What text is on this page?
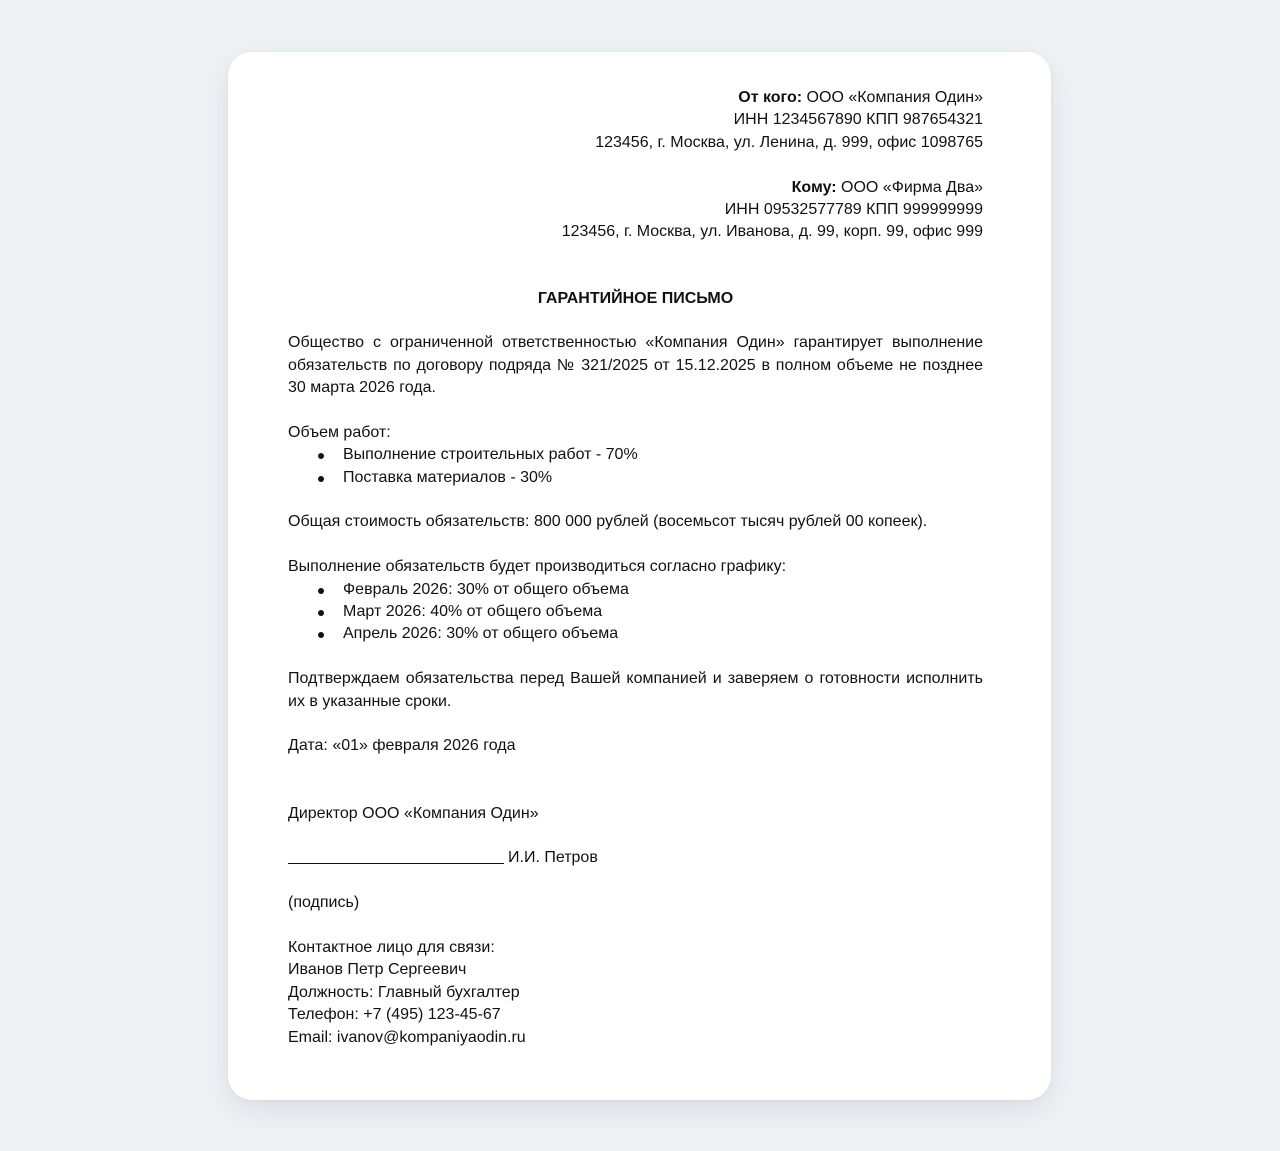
От кого: ООО «Компания Один»
ИНН 1234567890 КПП 987654321
123456, г. Москва, ул. Ленина, д. 999, офис 1098765
Кому: ООО «Фирма Два»
ИНН 09532577789 КПП 999999999
123456, г. Москва, ул. Иванова, д. 99, корп. 99, офис 999
ГАРАНТИЙНОЕ ПИСЬМО
Общество с ограниченной ответственностью «Компания Один» гарантирует выполнение обязательств по договору подряда № 321/2025 от 15.12.2025 в полном объеме не позднее 30 марта 2026 года.
Объем работ:
Выполнение строительных работ - 70%
Поставка материалов - 30%
Общая стоимость обязательств: 800 000 рублей (восемьсот тысяч рублей 00 копеек).
Выполнение обязательств будет производиться согласно графику:
Февраль 2026: 30% от общего объема
Март 2026: 40% от общего объема
Апрель 2026: 30% от общего объема
Подтверждаем обязательства перед Вашей компанией и заверяем о готовности исполнить их в указанные сроки.
Дата: «01» февраля 2026 года
Директор ООО «Компания Один»
И.И. Петров
(подпись)
Контактное лицо для связи:
Иванов Петр Сергеевич
Должность: Главный бухгалтер
Телефон: +7 (495) 123-45-67
Email: ivanov@kompaniyaodin.ru
